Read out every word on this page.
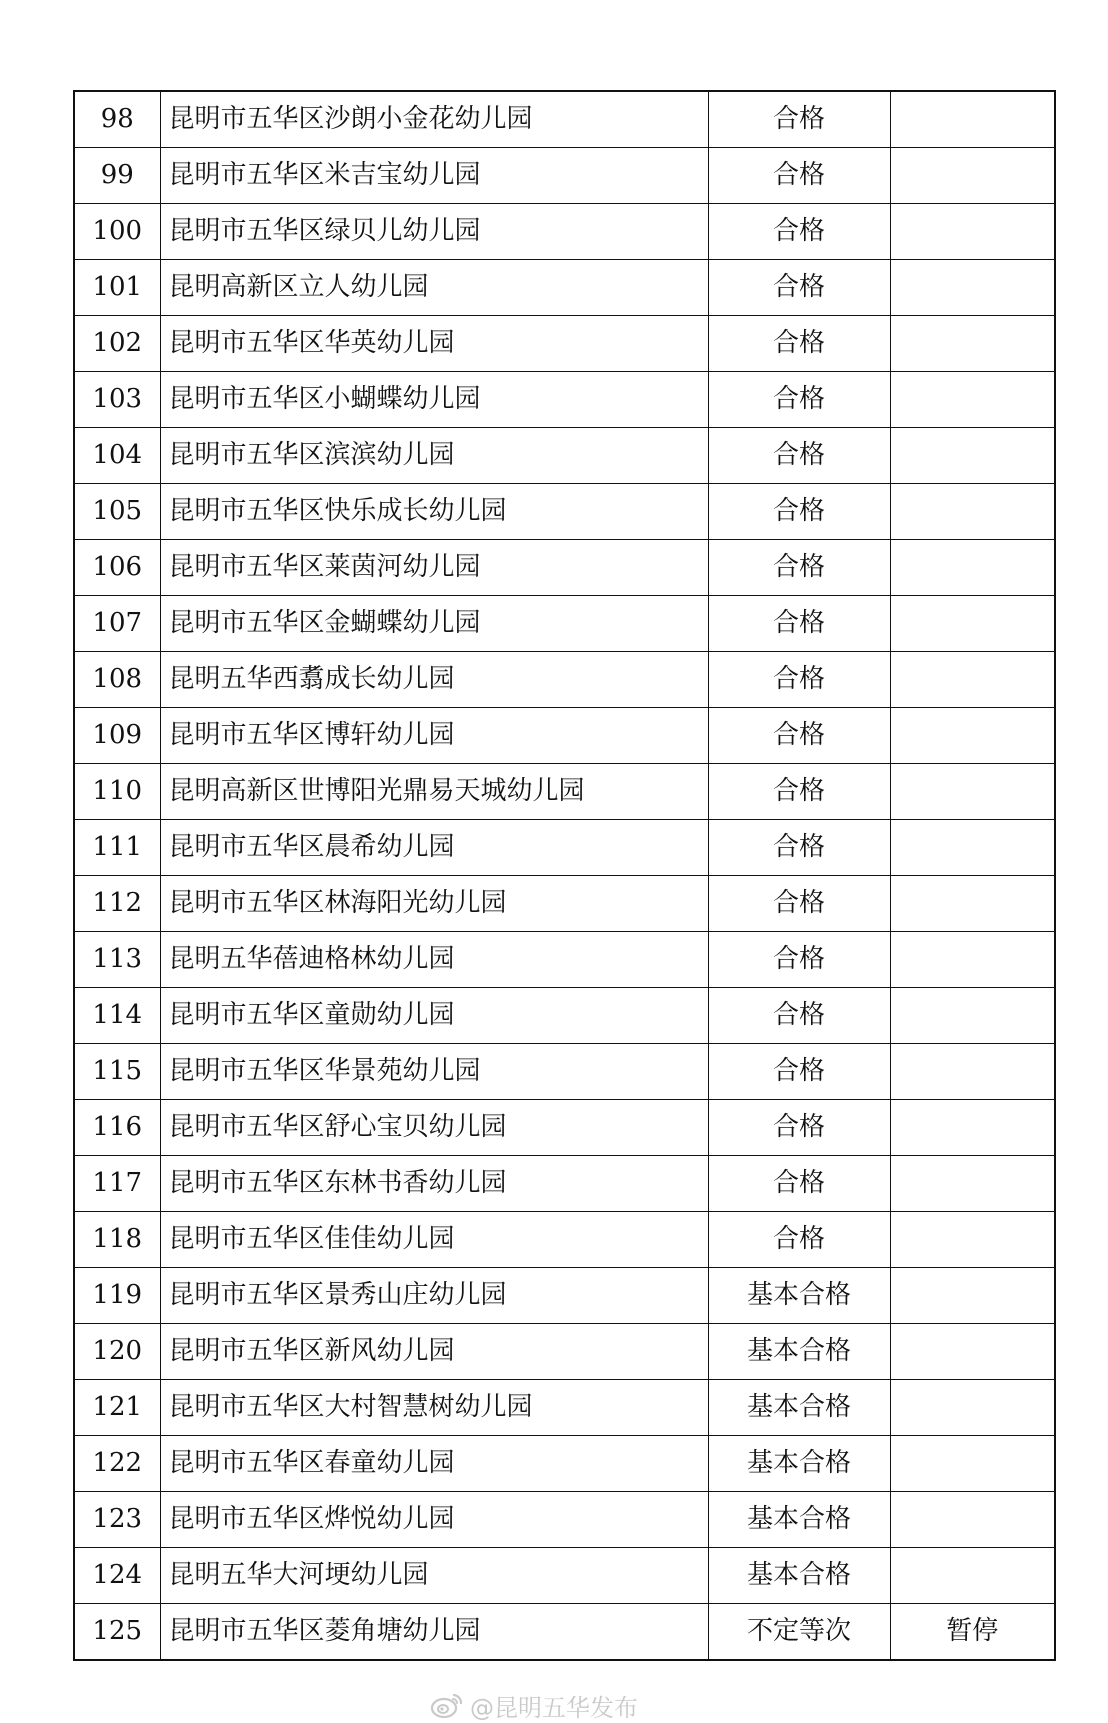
98	昆明市五华区沙朗小金花幼儿园	合格	
99	昆明市五华区米吉宝幼儿园	合格	
100	昆明市五华区绿贝儿幼儿园	合格	
101	昆明高新区立人幼儿园	合格	
102	昆明市五华区华英幼儿园	合格	
103	昆明市五华区小蝴蝶幼儿园	合格	
104	昆明市五华区滨滨幼儿园	合格	
105	昆明市五华区快乐成长幼儿园	合格	
106	昆明市五华区莱茵河幼儿园	合格	
107	昆明市五华区金蝴蝶幼儿园	合格	
108	昆明五华西翥成长幼儿园	合格	
109	昆明市五华区博轩幼儿园	合格	
110	昆明高新区世博阳光鼎易天城幼儿园	合格	
111	昆明市五华区晨希幼儿园	合格	
112	昆明市五华区林海阳光幼儿园	合格	
113	昆明五华蓓迪格林幼儿园	合格	
114	昆明市五华区童勋幼儿园	合格	
115	昆明市五华区华景苑幼儿园	合格	
116	昆明市五华区舒心宝贝幼儿园	合格	
117	昆明市五华区东林书香幼儿园	合格	
118	昆明市五华区佳佳幼儿园	合格	
119	昆明市五华区景秀山庄幼儿园	基本合格	
120	昆明市五华区新风幼儿园	基本合格	
121	昆明市五华区大村智慧树幼儿园	基本合格	
122	昆明市五华区春童幼儿园	基本合格	
123	昆明市五华区烨悦幼儿园	基本合格	
124	昆明五华大河埂幼儿园	基本合格	
125	昆明市五华区菱角塘幼儿园	不定等次	暂停
@昆明五华发布
